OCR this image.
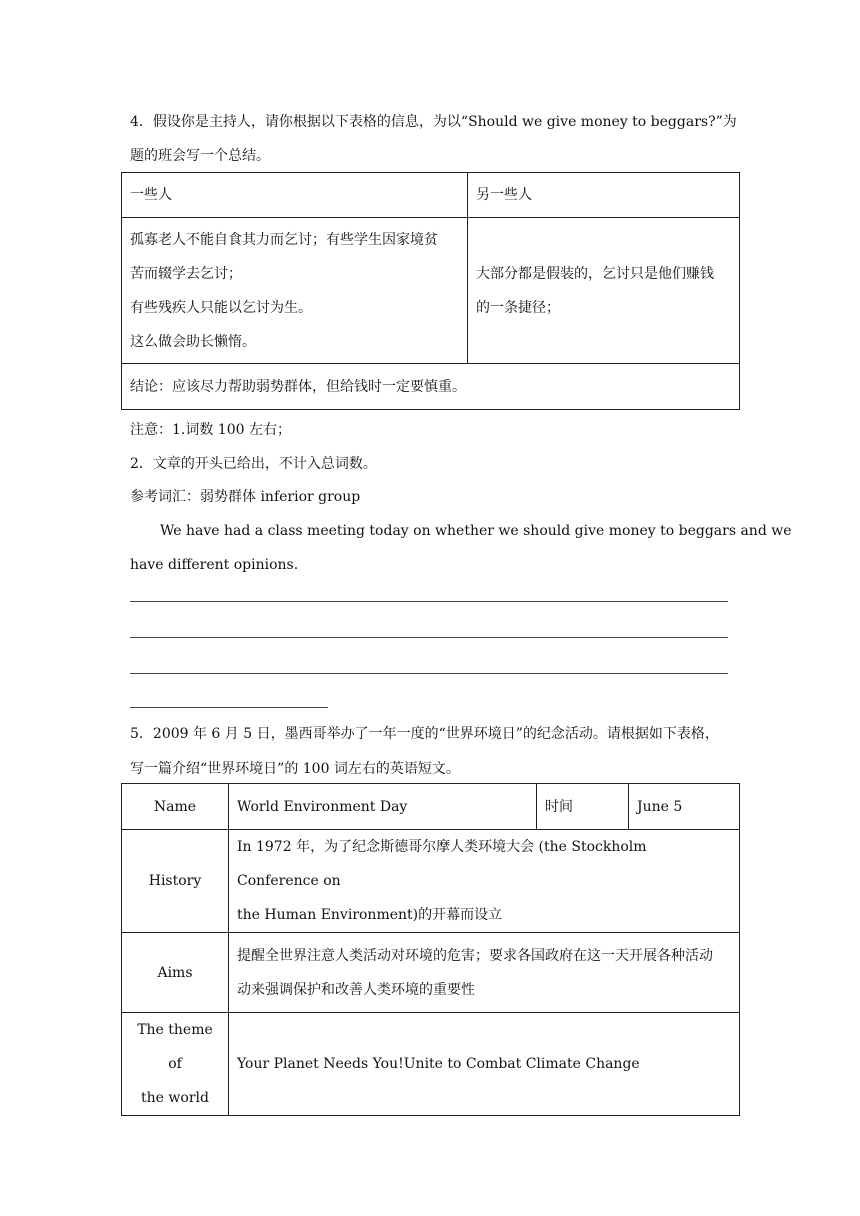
4．假设你是主持人，请你根据以下表格的信息，为以“Should we give money to beggars?”为
题的班会写一个总结。
一些人	另一些人

孤寡老人不能自食其力而乞讨；有些学生因家境贫
苦而辍学去乞讨；
有些残疾人只能以乞讨为生。
这么做会助长懒惰。	大部分都是假装的，乞讨只是他们赚钱
的一条捷径；

结论：应该尽力帮助弱势群体，但给钱时一定要慎重。	
注意：1.词数 100 左右；
2．文章的开头已给出，不计入总词数。
参考词汇：弱势群体 inferior group
We have had a class meeting today on whether we should give money to beggars and we
have different opinions.
5．2009 年 6 月 5 日，墨西哥举办了一年一度的“世界环境日”的纪念活动。请根据如下表格，
写一篇介绍“世界环境日”的 100 词左右的英语短文。
Name	World Environment Day	时间	June 5
History	In 1972 年，为了纪念斯德哥尔摩人类环境大会 (the Stockholm Conference on
the Human Environment)的开幕而设立		

Aims	提醒全世界注意人类活动对环境的危害；要求各国政府在这一天开展各种活动
动来强调保护和改善人类环境的重要性		

The theme of
the world	Your Planet Needs You!Unite to Combat Climate Change		
